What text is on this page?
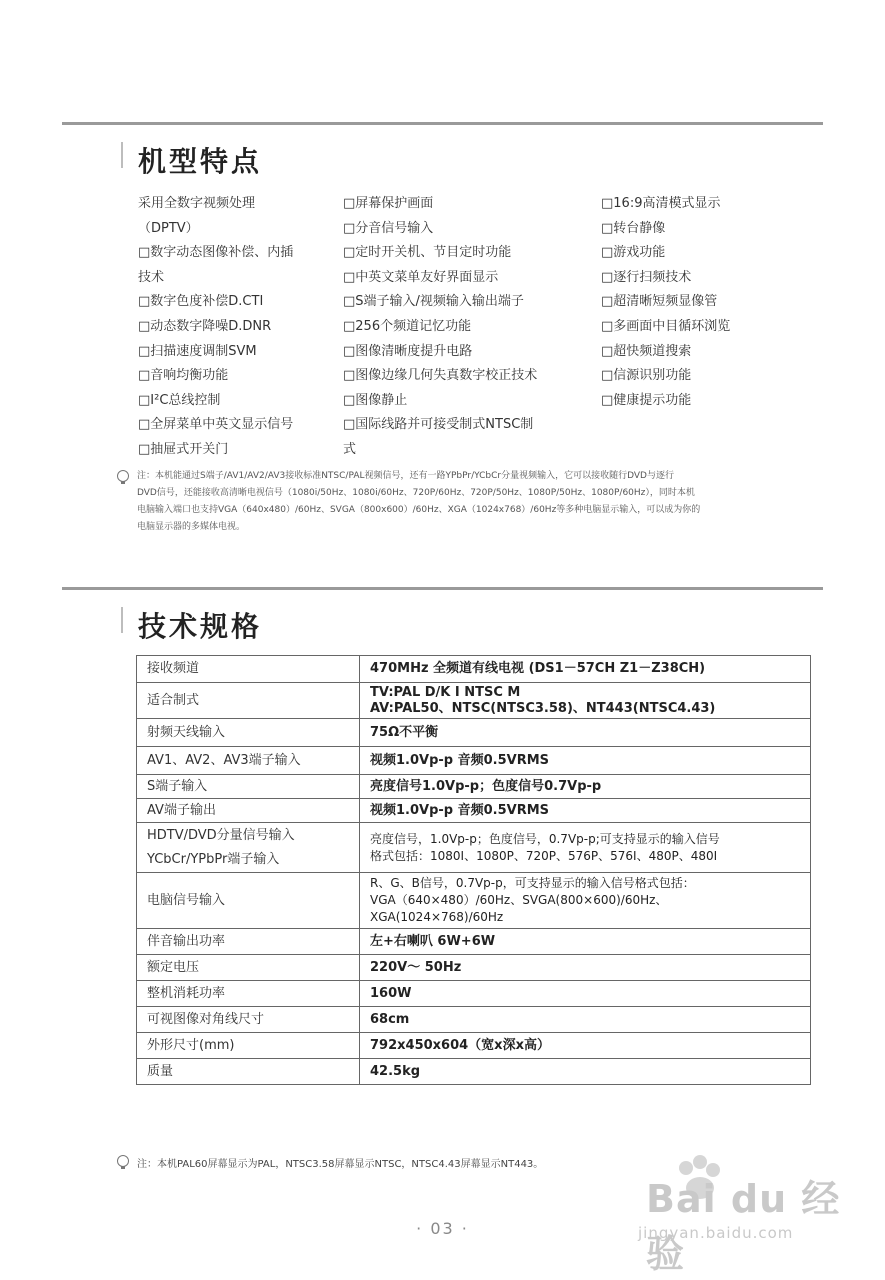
机型特点
采用全数字视频处理
（DPTV）
□数字动态图像补偿、内插
技术
□数字色度补偿D.CTI
□动态数字降噪D.DNR
□扫描速度调制SVM
□音响均衡功能
□I²C总线控制
□全屏菜单中英文显示信号
□抽屉式开关门
□屏幕保护画面
□分音信号输入
□定时开关机、节目定时功能
□中英文菜单友好界面显示
□S端子输入/视频输入输出端子
□256个频道记忆功能
□图像清晰度提升电路
□图像边缘几何失真数字校正技术
□图像静止
□国际线路并可接受制式NTSC制
式
□16:9高清模式显示
□转台静像
□游戏功能
□逐行扫频技术
□超清晰短频显像管
□多画面中目循环浏览
□超快频道搜索
□信源识别功能
□健康提示功能
注：本机能通过S端子/AV1/AV2/AV3接收标准NTSC/PAL视频信号，还有一路YPbPr/YCbCr分量视频输入，它可以接收随行DVD与逐行
DVD信号，还能接收高清晰电视信号（1080i/50Hz、1080i/60Hz、720P/60Hz、720P/50Hz、1080P/50Hz、1080P/60Hz），同时本机
电脑输入端口也支持VGA（640x480）/60Hz、SVGA（800x600）/60Hz、XGA（1024x768）/60Hz等多种电脑显示输入，可以成为你的
电脑显示器的多媒体电视。
技术规格
接收频道	470MHz 全频道有线电视 (DS1－57CH Z1－Z38CH)

适合制式	TV:PAL D/K I NTSC M
AV:PAL50、NTSC(NTSC3.58)、NT443(NTSC4.43)

射频天线输入	75Ω不平衡

AV1、AV2、AV3端子输入	视频1.0Vp-p 音频0.5VRMS

S端子输入	亮度信号1.0Vp-p；色度信号0.7Vp-p

AV端子输出	视频1.0Vp-p 音频0.5VRMS

HDTV/DVD分量信号输入
YCbCr/YPbPr端子输入	亮度信号，1.0Vp-p；色度信号，0.7Vp-p;可支持显示的输入信号
格式包括：1080I、1080P、720P、576P、576I、480P、480I

电脑信号输入	R、G、B信号，0.7Vp-p，可支持显示的输入信号格式包括：
VGA（640×480）/60Hz、SVGA(800×600)/60Hz、
XGA(1024×768)/60Hz

伴音输出功率	左+右喇叭 6W+6W

额定电压	220V～ 50Hz

整机消耗功率	160W

可视图像对角线尺寸	68cm

外形尺寸(mm)	792x450x604（宽x深x高）

质量	42.5kg
注：本机PAL60屏幕显示为PAL，NTSC3.58屏幕显示NTSC，NTSC4.43屏幕显示NT443。
· 03 ·
Bai du 经验
jingyan.baidu.com
